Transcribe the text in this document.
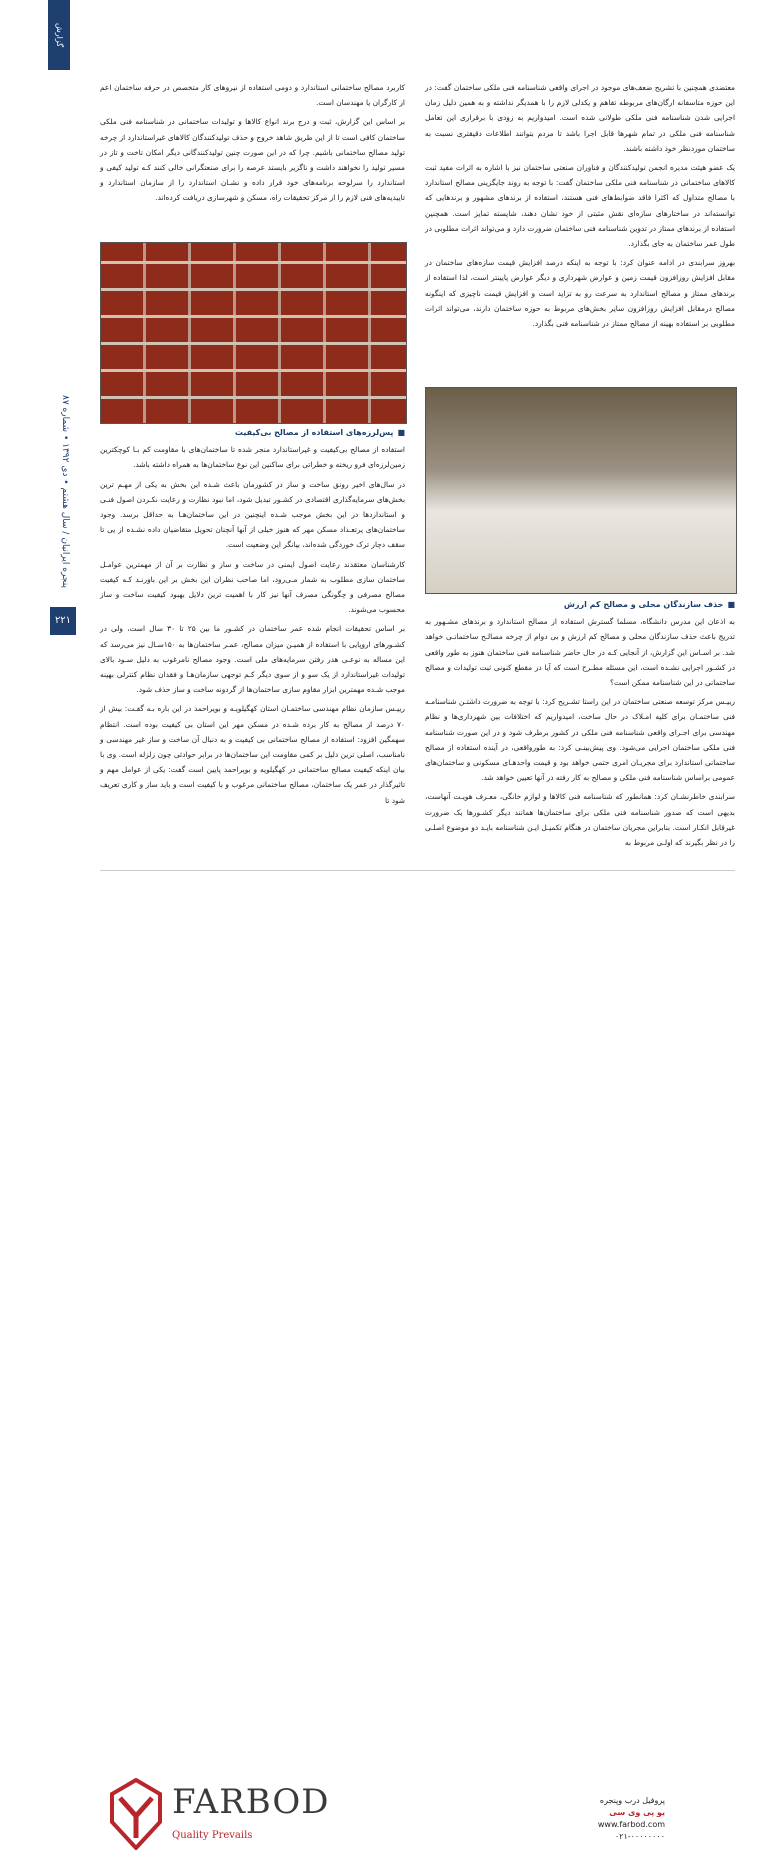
گزارش
پنجره ایرانیان / سال هشتم • دی ۱۳۹۲ • شماره ۸۷
۲۲۱

معتضدی همچنین با تشریح ضعف‌های موجود در اجرای واقعی شناسنامه فنی ملکی ساختمان گفت: در این حوزه متاسفانه ارگان‌های مربوطه تفاهم و یکدلی لازم را با همدیگر نداشته و به همین دلیل زمان اجرایی شدن شناسنامه فنی ملکی طولانی شده است. امیدواریم به زودی با برقراری این تعامل شناسنامه فنی ملکی در تمام شهرها قابل اجرا باشد تا مردم بتوانند اطلاعات دقیقتری نسبت به ساختمان موردنظر خود داشته باشند.

یک عضو هیئت مدیره انجمن تولیدکنندگان و فناوران صنعتی ساختمان نیز با اشاره به اثرات مفید ثبت کالاهای ساختمانی در شناسنامه فنی ملکی ساختمان گفت: با توجه به روند جایگزینی مصالح استاندارد با مصالح متداول که اکثرا فاقد ضوابط‌های فنی هستند، استفاده از برندهای مشهور و برندهایی که توانسته‌اند در ساختارهای سازه‌ای نقش مثبتی از خود نشان دهند، شایسته تمایز است. همچنین استفاده از برندهای ممتاز در تدوین شناسنامه فنی ساختمان ضرورت دارد و می‌تواند اثرات مطلوبی در طول عمر ساختمان به جای بگذارد.

بهروز سرابندی در ادامه عنوان کرد: با توجه به اینکه درصد افزایش قیمت سازه‌های ساختمان در مقابل افزایش روزافزون قیمت زمین و عوارض شهرداری و دیگر عوارض پایینتر است، لذا استفاده از برندهای ممتاز و مصالح استاندارد به سرعت رو به تزاید است و افزایش قیمت ناچیزی که اینگونه مصالح درمقابل افزایش روزافزون سایر بخش‌های مربوط به حوزه ساختمان دارند، می‌تواند اثرات مطلوبی بر استفاده بهینه از مصالح ممتاز در شناسنامه فنی بگذارد.

کاربرد مصالح ساختمانی استاندارد و دومی استفاده از نیروهای کار متخصص در حرفه ساختمان اعم از کارگران یا مهندسان است.

بر اساس این گزارش، ثبت و درج برند انواع کالاها و تولیدات ساختمانی در شناسنامه فنی ملکی ساختمان کافی است تا از این طریق شاهد خروج و حذف تولیدکنندگان کالاهای غیراستاندارد از چرخه تولید مصالح ساختمانی باشیم. چرا که در این صورت چنین تولیدکنندگانی دیگر امکان تاخت و تاز در مسیر تولید را نخواهند داشت و ناگزیر بایستد عرصه را برای صنعتگرانی خالی کنند کـه تولید کیفی و استاندارد را سرلوحه برنامه‌های خود قرار داده و نشـان استاندارد را از سازمان استاندارد و تاییدیه‌های فنی لازم را از مرکز تحقیقات راه، مسکن و شهرسازی دریافت کرده‌اند.

■ پس‌لرزه‌های استفاده از مصالح بی‌کیفیت

استفاده از مصالح بی‌کیفیت و غیراستاندارد منجر شده تا ساختمان‌های با مقاومت کم بـا کوچکترین زمین‌لرزه‌ای فرو ریخته و خطراتی برای ساکنین این نوع ساختمان‌ها به همراه داشته باشد.

در سال‌های اخیر رونق ساخت و ساز در کشورمان باعث شـده این بخش به یکی از مهـم ترین بخش‌های سرمایه‌گذاری اقتصادی در کشـور تبدیل شود، اما نبود نظارت و رعایت نکـردن اصول فنـی و استانداردها در این بخش موجب شـده اینچنین در این ساختمان‌هـا به حداقل برسد. وجود ساختمان‌های پرتعـداد مسکن مهر که هنوز خیلی از آنها آنچنان تحویل متقاضیان داده نشـده از یی تا سقف دچار ترک خوردگی شده‌اند، بیانگر این وضعیت است.

کارشناسان معتقدند رعایت اصول ایمنی در ساخت و ساز و نظارت بر آن از مهمترین عوامـل ساختمان سازی مطلوب به شمار مـی‌رود، اما صاحب نظران این بخش بر این باورنـد کـه کیفیت مصالح مصرفی و چگونگی مصرف آنها نیز کار با اهمیت ترین دلایل بهبود کیفیت ساخت و ساز محسوب می‌شوند.

بر اساس تحقیقات انجام شده عمر ساختمان در کشـور ما بین ۲۵ تا ۳۰ سال است، ولی در کشـورهای اروپایی با استفاده از همیـن میزان مصالح، عمـر ساختمان‌ها به ۱۵۰سـال نیز می‌رسد که این مساله به نوعـی هدر رفتن سرمایه‌های ملی است. وجود مصالح نامرغوب به دلیل سـود بالای تولیدات غیراستاندارد از یک سو و از سوی دیگر کـم توجهی سازمان‌هـا و فقدان نظام کنترلی بهینه موجب شـده مهمترین ابزار مقاوم سازی ساختمان‌ها از گردونه ساخت و ساز حذف شود.

رییـس سازمان نظام مهندسی ساختمـان استان کهگیلویـه و بویراحمد در این باره بـه گفـت: بیش از ۷۰ درصد از مصالح به کار برده شـده در مسکن مهر این استان بی کیفیت بوده است. انتظام سهمگین افزود: استفاده از مصالح ساختمانی بی کیفیت و به دنبال آن ساخت و ساز غیر مهندسی و نامناسب، اصلی ترین دلیل بر کمی مقاومت این ساختمان‌ها در برابر حوادثی چون زلزله است. وی با بیان اینکه کیفیت مصالح ساختمانی در کهگیلویه و بویراحمد پایین است گفت: یکی از عوامل مهم و تاثیرگذار در عمر یک ساختمان، مصالح ساختمانی مرغوب و با کیفیت است و باید ساز و کاری تعریف شود تا

■ حذف سازندگان محلی و مصالح کم ارزش

به اذعان این مدرس دانشگاه، مسلما گسترش استفاده از مصالح استاندارد و برندهای مشـهور به تدریج باعث حذف سازندگان محلی و مصالح کم ارزش و بی دوام از چرخه مصالـح ساختمانـی خواهد شد. بر اسـاس این گزارش، از آنجایی کـه در حال حاضر شناسنامه فنی ساختمان هنوز به طور واقعی در کشـور اجرایی نشـده است، این مسئله مطـرح است که آیا در مقطع کنونی ثبت تولیدات و مصالح ساختمانی در این شناسنامه ممکن است؟

رییـس مرکز توسعه صنعتی ساختمان در این راستا تشـریح کرد: با توجه به ضرورت داشتـن شناسنامـه فنی ساختمـان برای کلیه امـلاک در حال ساخت، امیدواریم که اختلافات بین شهرداری‌ها و نظام مهندسی برای اجـرای واقعی شناسنامه فنی ملکی در کشور برطرف شود و در این صورت شناسنامه فنی ملکی ساختمان اجرایی می‌شود. وی پیش‌بینـی کرد: به طورواقعی، در آینده استفاده از مصالح ساختمانی استاندارد برای مجریـان امری حتمی خواهد بود و قیمت واحدهـای مسکونی و ساختمان‌های عمومی براساس شناسنامه فنی ملکی و مصالح به کار رفته در آنها تعیین خواهد شد.

سرابندی خاطرنشـان کرد: همانطور که شناسنامه فنی کالاها و لوازم خانگی، معـرف هویـت آنهاست، بدیهی است که صدور شناسنامه فنی ملکی برای ساختمان‌ها همانند دیگر کشـورها یک ضرورت غیرقابل انکـار است. بنابراین مجریان ساختمان در هنگام تکمیـل ایـن شناسنامه بایـد دو موضوع اصلـی را در نظر بگیرند که اولـی مربوط به

FARBOD
Quality Prevails
پروفیل درب وپنجره
یو پی وی سی
www.farbod.com
۰۲۱-۰۰۰۰۰۰۰۰
